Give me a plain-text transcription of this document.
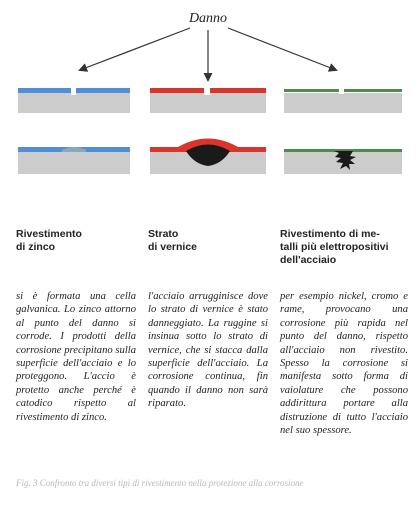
Danno

Rivestimento
di zinco

si è formata una cella galvanica. Lo zinco attorno al punto del danno si corrode. I prodotti della corrosione precipitano sulla superficie dell'acciaio e lo proteggono. L'accio è protetto anche perché è catodico rispetto al rivestimento di zinco.

Strato
di vernice

l'acciaio arrugginisce dove lo strato di vernice è stato danneggiato. La ruggine si insinua sotto lo strato di vernice, che si stacca dalla superficie dell'acciaio. La corrosione continua, fin quando il danno non sarà riparato.

Rivestimento di me-
talli più elettropositivi
dell'acciaio

per esempio nickel, cromo e rame, provocano una corrosione più rapida nel punto del danno, rispetto all'acciaio non rivestito. Spesso la corrosione si manifesta sotto forma di vaiolature che possono addirittura portare alla distruzione di tutto l'acciaio nel suo spessore.

Fig. 3 Confronto tra diversi tipi di rivestimento nella protezione alla corrosione
